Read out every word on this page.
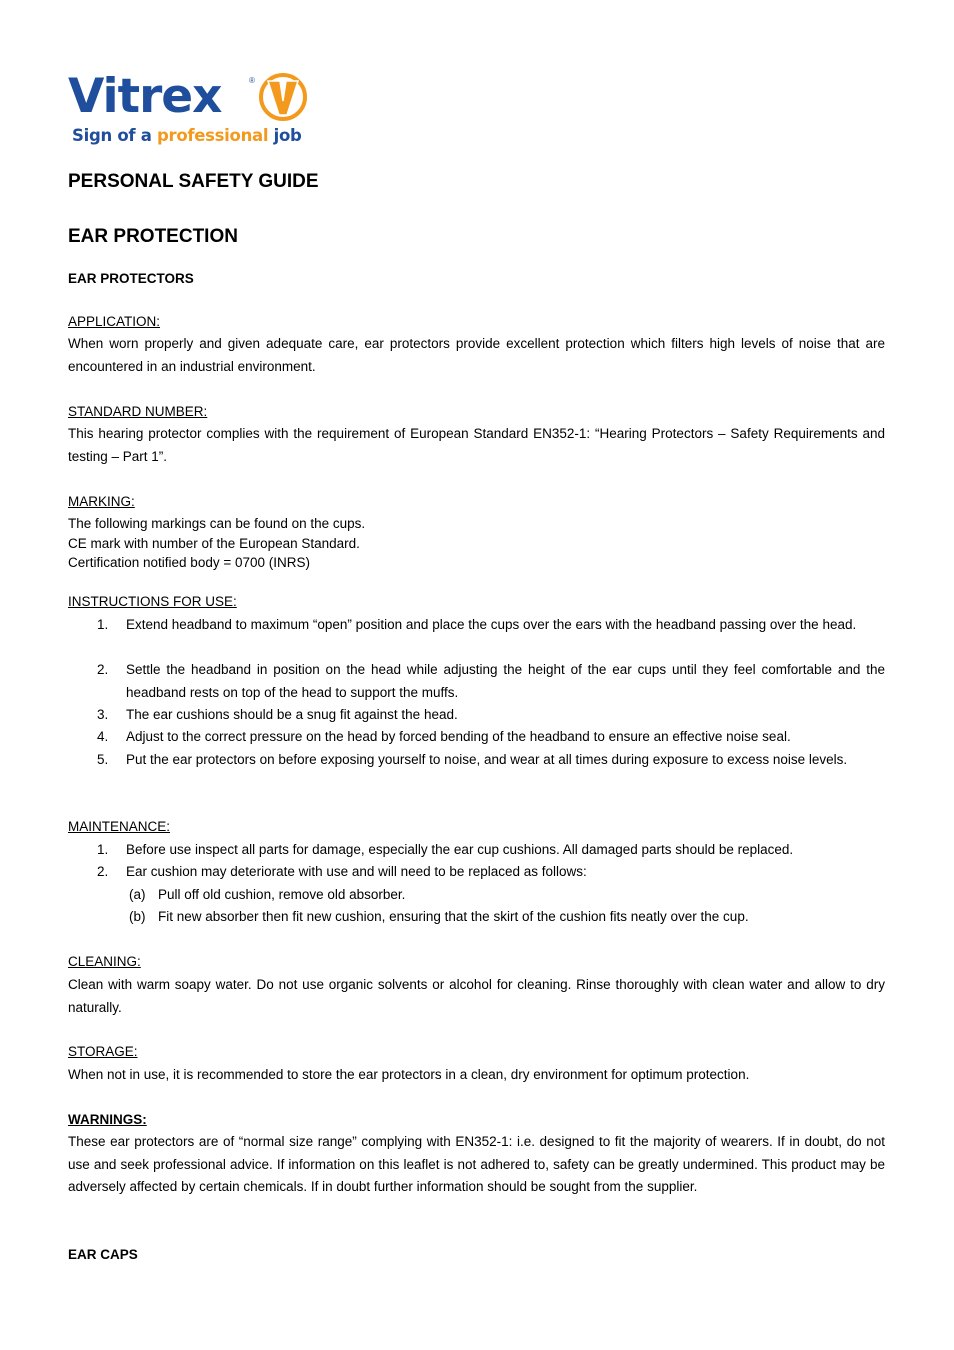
Vitrex	®
Sign of a professional job
PERSONAL SAFETY GUIDE
EAR PROTECTION
EAR PROTECTORS
APPLICATION:

When worn properly and given adequate care, ear protectors provide excellent protection which filters high levels of noise that are encountered in an industrial environment.

STANDARD NUMBER:

This hearing protector complies with the requirement of European Standard EN352-1: “Hearing Protectors – Safety Requirements and testing – Part 1”.

MARKING:
The following markings can be found on the cups.
CE mark with number of the European Standard.
Certification notified body = 0700 (INRS)
INSTRUCTIONS FOR USE:
1. Extend headband to maximum “open” position and place the cups over the ears with the headband passing over the head.
2. Settle the headband in position on the head while adjusting the height of the ear cups until they feel comfortable and the headband rests on top of the head to support the muffs.
3. The ear cushions should be a snug fit against the head.
4. Adjust to the correct pressure on the head by forced bending of the headband to ensure an effective noise seal.
5. Put the ear protectors on before exposing yourself to noise, and wear at all times during exposure to excess noise levels.
MAINTENANCE:
1. Before use inspect all parts for damage, especially the ear cup cushions. All damaged parts should be replaced.
2. Ear cushion may deteriorate with use and will need to be replaced as follows:
(a) Pull off old cushion, remove old absorber.
(b) Fit new absorber then fit new cushion, ensuring that the skirt of the cushion fits neatly over the cup.
CLEANING:

Clean with warm soapy water. Do not use organic solvents or alcohol for cleaning. Rinse thoroughly with clean water and allow to dry naturally.

STORAGE:

When not in use, it is recommended to store the ear protectors in a clean, dry environment for optimum protection.

WARNINGS:

These ear protectors are of “normal size range” complying with EN352-1: i.e. designed to fit the majority of wearers. If in doubt, do not use and seek professional advice. If information on this leaflet is not adhered to, safety can be greatly undermined. This product may be adversely affected by certain chemicals. If in doubt further information should be sought from the supplier.

EAR CAPS
